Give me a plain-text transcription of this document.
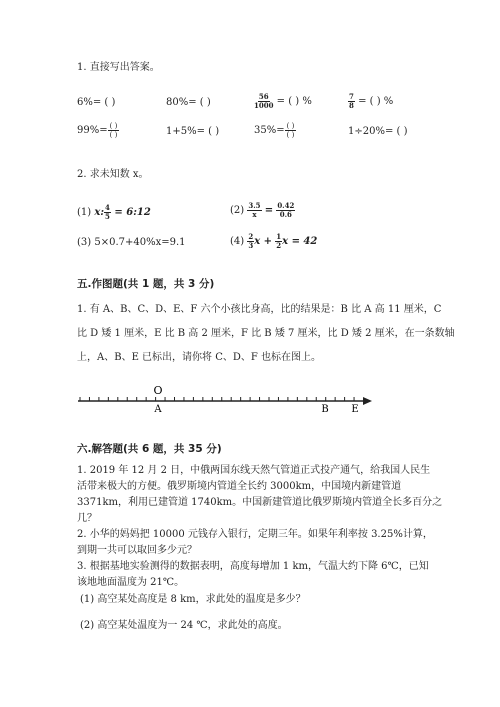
1. 直接写出答案。
6%= ( )	80%= ( )	$\frac{56}{1000}$ = ( ) %	$\frac{7}{8}$ = ( ) %
$99\%= \frac{( )}{( )}$	1+5%= ( )	$35\%= \frac{( )}{( )}$	1÷20%= ( )
2. 求未知数 x。
(1) x: $\frac{4}{5}$ = 6:12	$(2) \frac{3.5}{x} = \frac{0.42}{0.6}$
(3) 5×0.7+40%x=9.1	$(4) \frac{2}{3}$ $x + \frac{1}{2}$ x = 42
五.作图题(共 1 题，共 3 分)
1. 有 A、B、C、D、E、F 六个小孩比身高，比的结果是：B 比 A 高 11 厘米，C
比 D 矮 1 厘米，E 比 B 高 2 厘米，F 比 B 矮 7 厘米，比 D 矮 2 厘米，在一条数轴
上，A、B、E 已标出，请你将 C、D、F 也标在图上。
O
A	B E
六.解答题(共 6 题，共 35 分)
1. 2019 年 12 月 2 日，中俄两国东线天然气管道正式投产通气，给我国人民生
活带来极大的方便。俄罗斯境内管道全长约 3000km，中国境内新建管道
3371km，利用已建管道 1740km。中国新建管道比俄罗斯境内管道全长多百分之
几？
2. 小华的妈妈把 10000 元钱存入银行，定期三年。如果年利率按 3.25%计算，
到期一共可以取回多少元？
3. 根据基地实验测得的数据表明，高度每增加 1 km，气温大约下降 6℃，已知
该地地面温度为 21℃。
(1) 高空某处高度是 8 km，求此处的温度是多少？
(2) 高空某处温度为一 24 ℃，求此处的高度。
